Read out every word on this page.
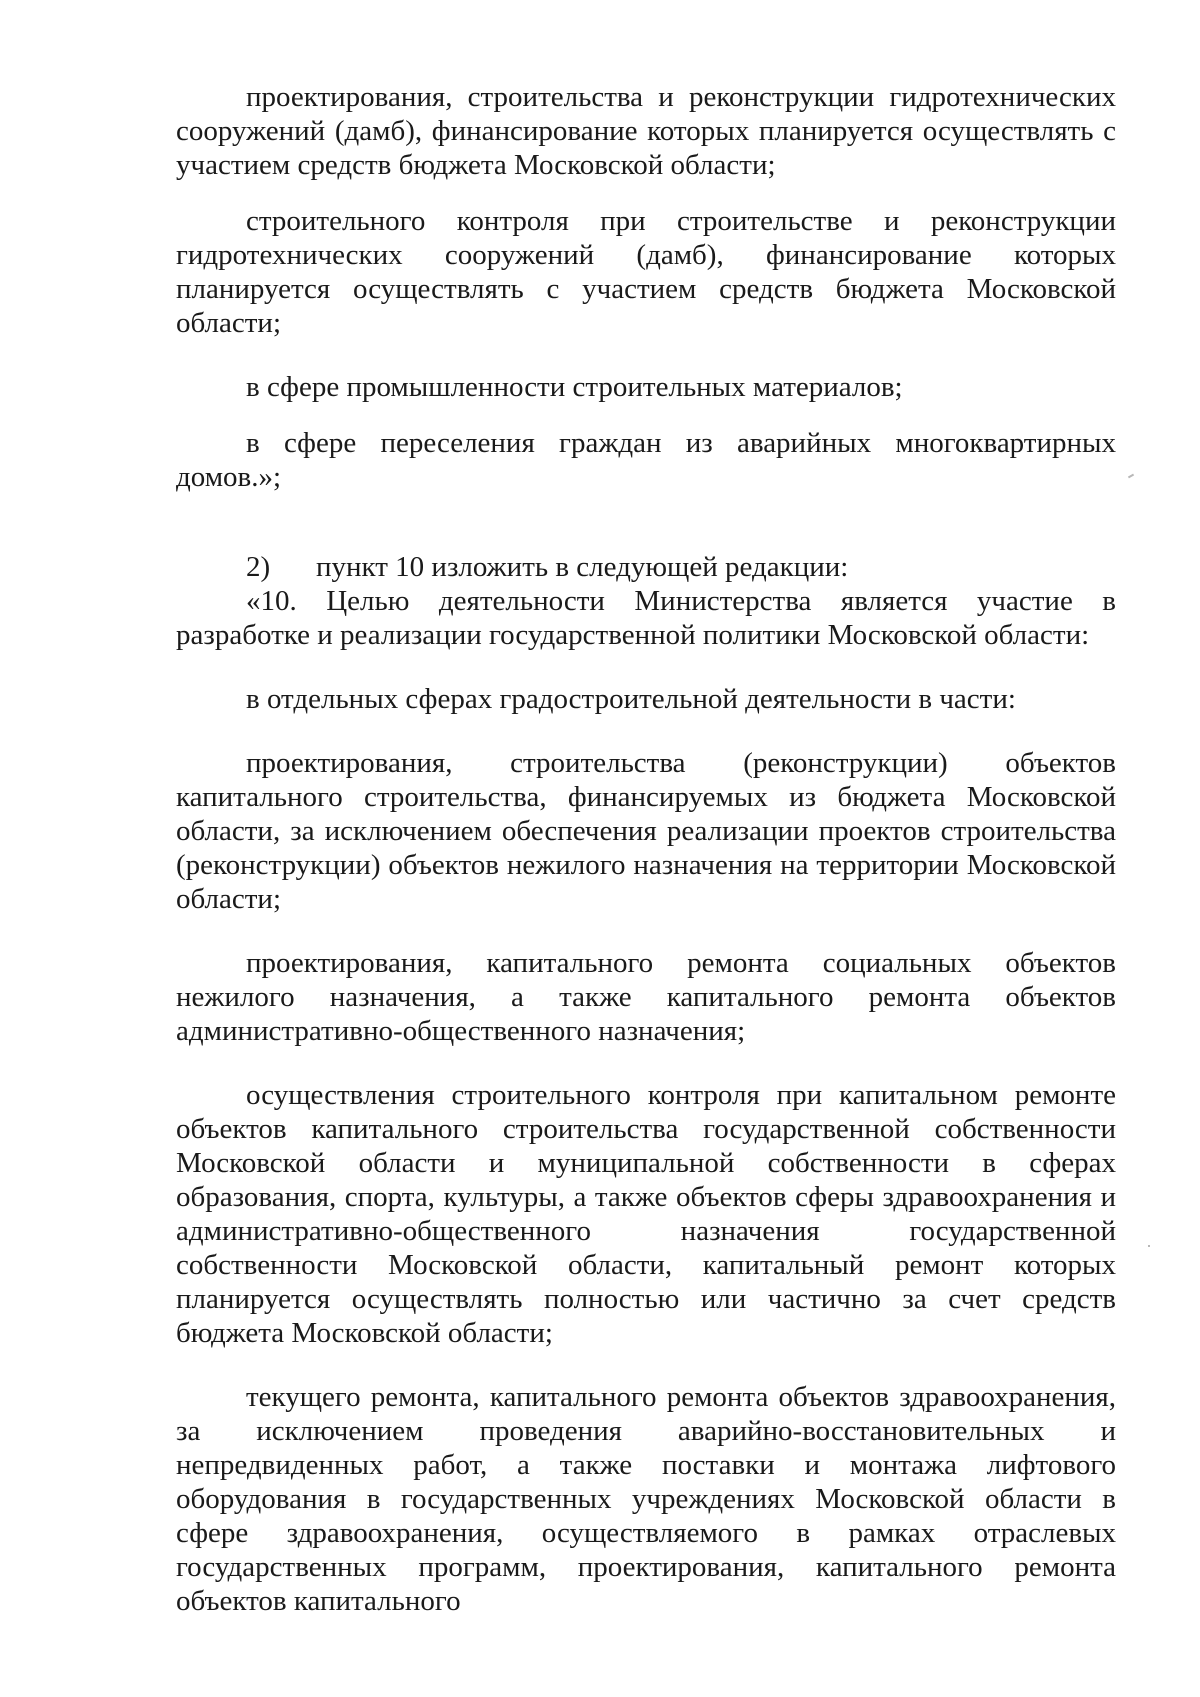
проектирования, строительства и реконструкции гидротехнических сооружений (дамб), финансирование которых планируется осуществлять с участием средств бюджета Московской области;

строительного контроля при строительстве и реконструкции гидротехнических сооружений (дамб), финансирование которых планируется осуществлять с участием средств бюджета Московской области;

в сфере промышленности строительных материалов;

в сфере переселения граждан из аварийных многоквартирных домов.»;

2) пункт 10 изложить в следующей редакции:

«10. Целью деятельности Министерства является участие в разработке и реализации государственной политики Московской области:

в отдельных сферах градостроительной деятельности в части:

проектирования, строительства (реконструкции) объектов капитального строительства, финансируемых из бюджета Московской области, за исключением обеспечения реализации проектов строительства (реконструкции) объектов нежилого назначения на территории Московской области;

проектирования, капитального ремонта социальных объектов нежилого назначения, а также капитального ремонта объектов административно-общественного назначения;

осуществления строительного контроля при капитальном ремонте объектов капитального строительства государственной собственности Московской области и муниципальной собственности в сферах образования, спорта, культуры, а также объектов сферы здравоохранения и административно-общественного назначения государственной собственности Московской области, капитальный ремонт которых планируется осуществлять полностью или частично за счет средств бюджета Московской области;

текущего ремонта, капитального ремонта объектов здравоохранения, за исключением проведения аварийно-восстановительных и непредвиденных работ, а также поставки и монтажа лифтового оборудования в государственных учреждениях Московской области в сфере здравоохранения, осуществляемого в рамках отраслевых государственных программ, проектирования, капитального ремонта объектов капитального
